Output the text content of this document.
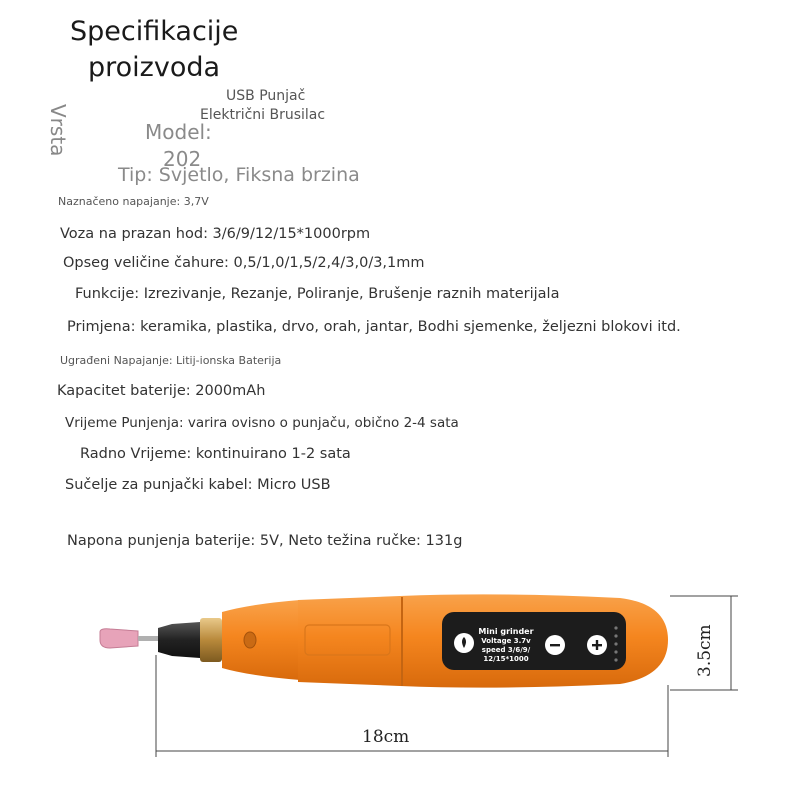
Specifikacije
proizvoda
Vrsta
USB Punjač
Električni Brusilac
Model:
202
Tip: Svjetlo, Fiksna brzina
Naznačeno napajanje: 3,7V
Voza na prazan hod: 3/6/9/12/15*1000rpm
Opseg veličine čahure: 0,5/1,0/1,5/2,4/3,0/3,1mm
Funkcije: Izrezivanje, Rezanje, Poliranje, Brušenje raznih materijala
Primjena: keramika, plastika, drvo, orah, jantar, Bodhi sjemenke, željezni blokovi itd.
Ugrađeni Napajanje: Litij-ionska Baterija
Kapacitet baterije: 2000mAh
Vrijeme Punjenja: varira ovisno o punjaču, obično 2-4 sata
Radno Vrijeme: kontinuirano 1-2 sata
Sučelje za punjački kabel: Micro USB
Napona punjenja baterije: 5V, Neto težina ručke: 131g
Mini grinder
Voltage 3.7v
speed 3/6/9/
12/15*1000
18cm
3.5cm
